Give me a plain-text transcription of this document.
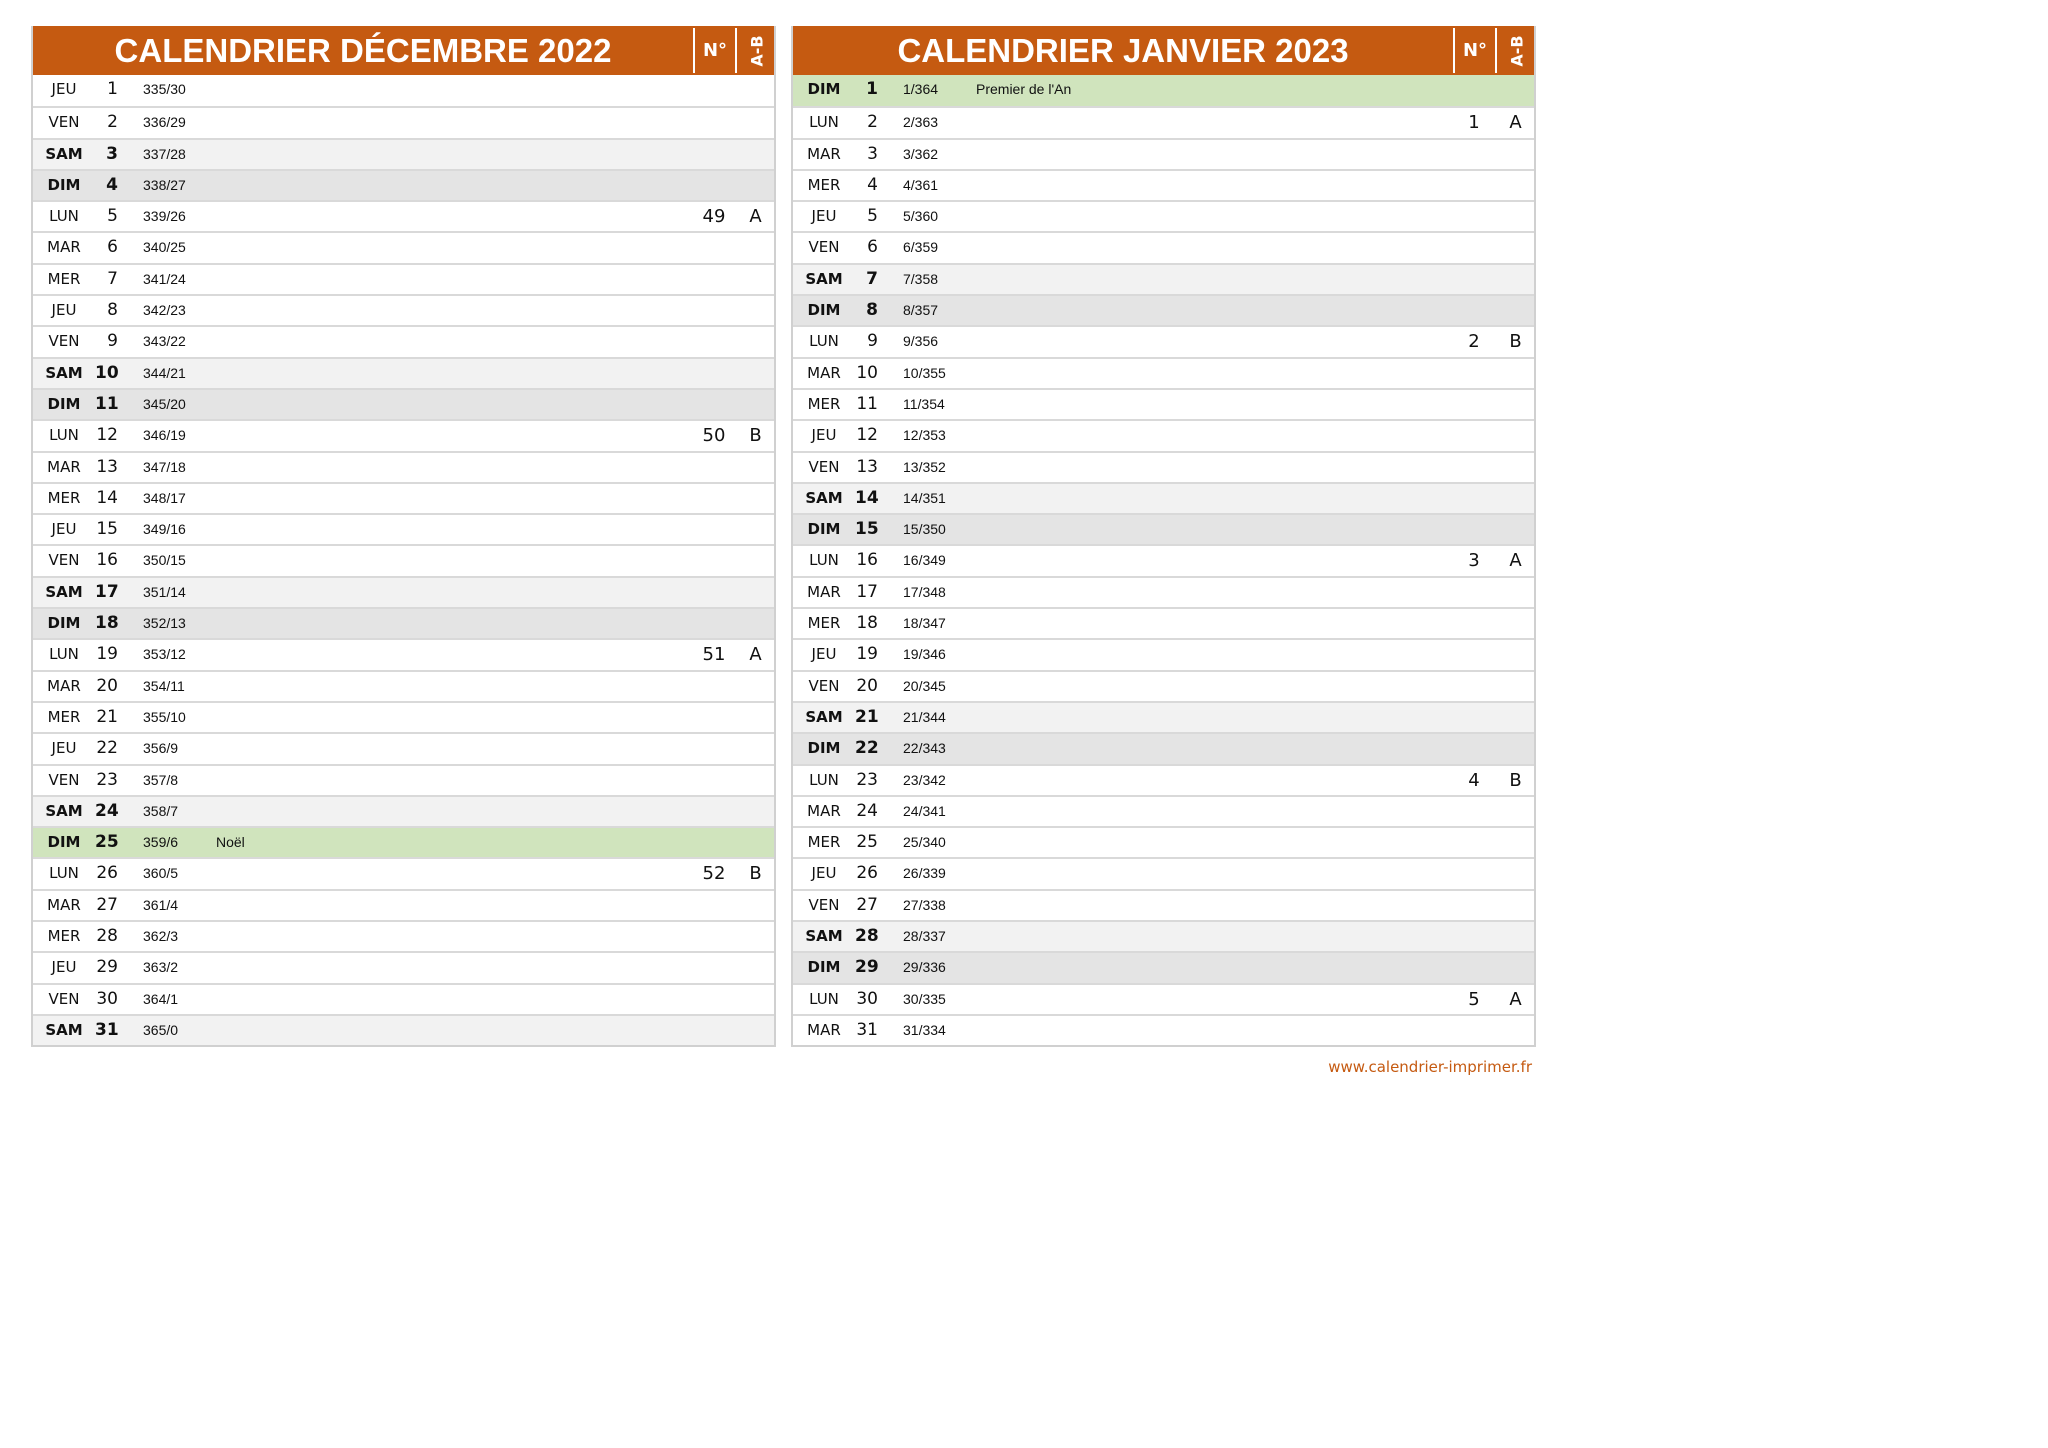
CALENDRIER DÉCEMBRE 2022	N°	A-B
JEU	1 335/30
VEN	2 336/29
SAM	3 337/28
DIM	4 338/27
LUN	5 339/26	49	A
MAR	6 340/25
MER	7 341/24
JEU	8 342/23
VEN	9 343/22
SAM 10 344/21
DIM 11 345/20
LUN	12 346/19	50	B
MAR 13 347/18
MER 14 348/17
JEU	15 349/16
VEN 16 350/15
SAM 17 351/14
DIM 18 352/13
LUN	19 353/12	51	A
MAR 20 354/11
MER 21 355/10
JEU	22 356/9
VEN 23 357/8
SAM 24 358/7
DIM 25 359/6	Noël
LUN	26 360/5	52	B
MAR 27 361/4
MER 28 362/3
JEU	29 363/2
VEN 30 364/1
SAM 31 365/0
CALENDRIER JANVIER 2023	N°	A-B
DIM	1 1/364	Premier de l'An
LUN	2 2/363	1	A
MAR	3 3/362
MER	4 4/361
JEU	5 5/360
VEN	6 6/359
SAM	7 7/358
DIM	8 8/357
LUN	9 9/356	2	B
MAR 10 10/355
MER 11 11/354
JEU	12 12/353
VEN 13 13/352
SAM 14 14/351
DIM 15 15/350
LUN	16 16/349	3	A
MAR 17 17/348
MER 18 18/347
JEU	19 19/346
VEN 20 20/345
SAM 21 21/344
DIM 22 22/343
LUN	23 23/342	4	B
MAR 24 24/341
MER 25 25/340
JEU	26 26/339
VEN 27 27/338
SAM 28 28/337
DIM 29 29/336
LUN	30 30/335	5	A
MAR 31 31/334
www.calendrier-imprimer.fr
